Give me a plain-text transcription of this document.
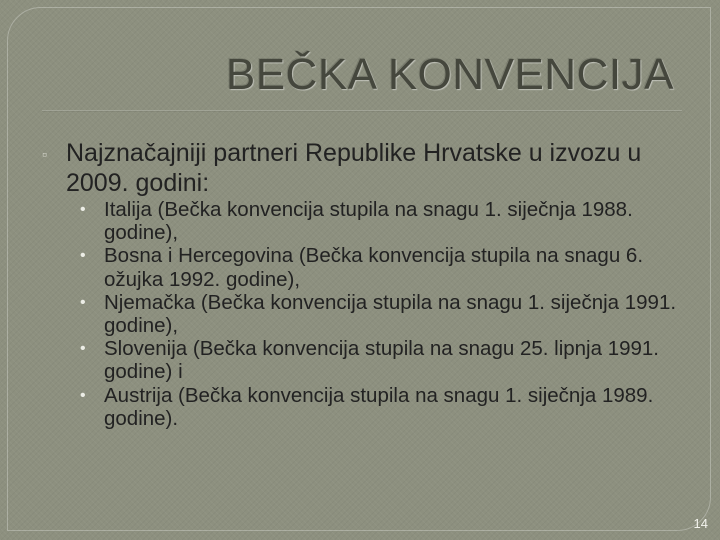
BEČKA KONVENCIJA
▫ Najznačajniji partneri Republike Hrvatske u izvozu u 2009. godini:
• Italija (Bečka konvencija stupila na snagu 1. siječnja 1988. godine),
• Bosna i Hercegovina (Bečka konvencija stupila na snagu 6. ožujka 1992. godine),
• Njemačka (Bečka konvencija stupila na snagu 1. siječnja 1991. godine),
• Slovenija (Bečka konvencija stupila na snagu 25. lipnja 1991. godine) i
• Austrija (Bečka konvencija stupila na snagu 1. siječnja 1989. godine).
14
